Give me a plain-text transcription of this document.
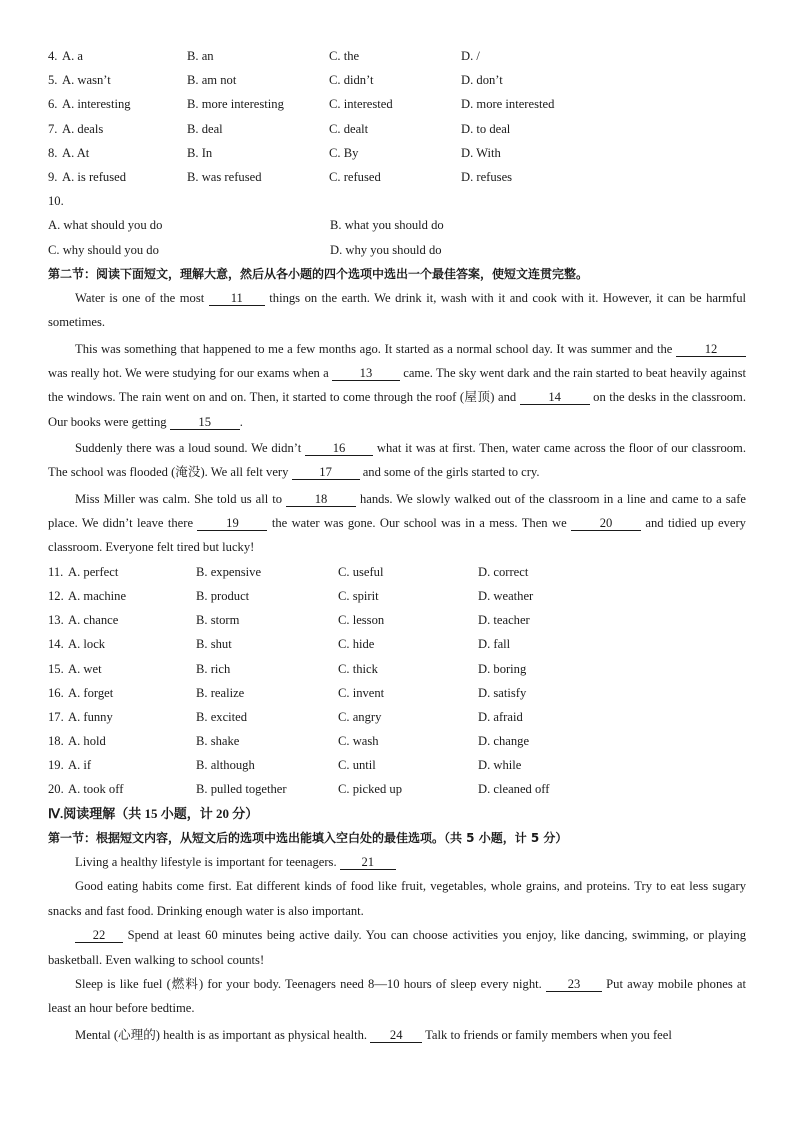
4. A. a	B. an	C. the	D. /
5. A. wasn’t	B. am not	C. didn’t	D. don’t
6. A. interesting	B. more interesting	C. interested	D. more interested
7. A. deals	B. deal	C. dealt	D. to deal
8. A. At	B. In	C. By	D. With
9. A. is refused	B. was refused	C. refused	D. refuses
10.
A. what should you do	B. what you should do
C. why should you do	D. why you should do
第二节：阅读下面短文，理解大意，然后从各小题的四个选项中选出一个最佳答案，使短文连贯完整。

Water is one of the most 11 things on the earth. We drink it, wash with it and cook with it. However, it can be harmful sometimes.

This was something that happened to me a few months ago. It started as a normal school day. It was summer and the 12 was really hot. We were studying for our exams when a 13 came. The sky went dark and the rain started to beat heavily against the windows. The rain went on and on. Then, it started to come through the roof (屋顶) and 14 on the desks in the classroom. Our books were getting 15 .

Suddenly there was a loud sound. We didn’t 16 what it was at first. Then, water came across the floor of our classroom. The school was flooded (淹没). We all felt very 17 and some of the girls started to cry.

Miss Miller was calm. She told us all to 18 hands. We slowly walked out of the classroom in a line and came to a safe place. We didn’t leave there 19 the water was gone. Our school was in a mess. Then we 20 and tidied up every classroom. Everyone felt tired but lucky!

11. A. perfect	B. expensive	C. useful	D. correct
12. A. machine	B. product	C. spirit	D. weather
13. A. chance	B. storm	C. lesson	D. teacher
14. A. lock	B. shut	C. hide	D. fall
15. A. wet	B. rich	C. thick	D. boring
16. A. forget	B. realize	C. invent	D. satisfy
17. A. funny	B. excited	C. angry	D. afraid
18. A. hold	B. shake	C. wash	D. change
19. A. if	B. although	C. until	D. while
20. A. took off	B. pulled together	C. picked up	D. cleaned off
Ⅳ.阅读理解（共 15 小题，计 20 分）
第一节：根据短文内容，从短文后的选项中选出能填入空白处的最佳选项。（共 5 小题，计 5 分）

Living a healthy lifestyle is important for teenagers. 21

Good eating habits come first. Eat different kinds of food like fruit, vegetables, whole grains, and proteins. Try to eat less sugary snacks and fast food. Drinking enough water is also important.

22 Spend at least 60 minutes being active daily. You can choose activities you enjoy, like dancing, swimming, or playing basketball. Even walking to school counts!

Sleep is like fuel (燃料) for your body. Teenagers need 8—10 hours of sleep every night. 23 Put away mobile phones at least an hour before bedtime.

Mental (心理的) health is as important as physical health. 24 Talk to friends or family members when you feel
